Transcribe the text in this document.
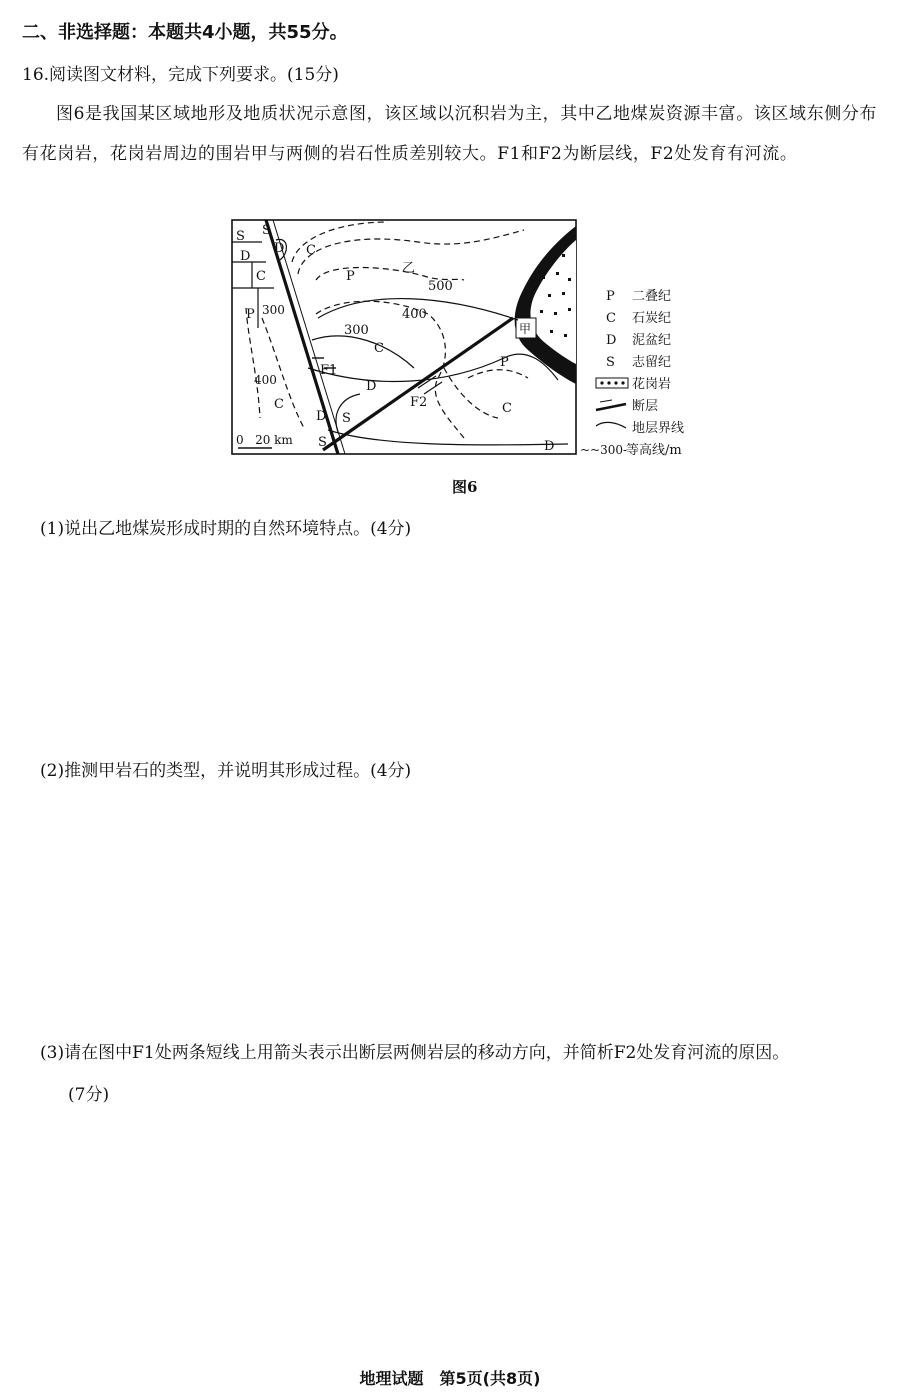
二、非选择题：本题共4小题，共55分。
16.阅读图文材料，完成下列要求。(15分)
图6是我国某区域地形及地质状况示意图，该区域以沉积岩为主，其中乙地煤炭资源丰富。该区域东侧分布有花岗岩，花岗岩周边的围岩甲与两侧的岩石性质差别较大。F1和F2为断层线，F2处发育有河流。
S
D
C
S
D C
P
乙
500
400
300
P 300
400
C
F1
D
F2
P
C
C
D S
S	D
甲
0   20 km
P 二叠纪
C 石炭纪
D 泥盆纪
S 志留纪
花岗岩
断层
地层界线
~~300-
等高线/m
图6
(1)说出乙地煤炭形成时期的自然环境特点。(4分)
(2)推测甲岩石的类型，并说明其形成过程。(4分)
(3)请在图中F1处两条短线上用箭头表示出断层两侧岩层的移动方向，并简析F2处发育河流的原因。
(7分)
地理试题　第5页(共8页)
